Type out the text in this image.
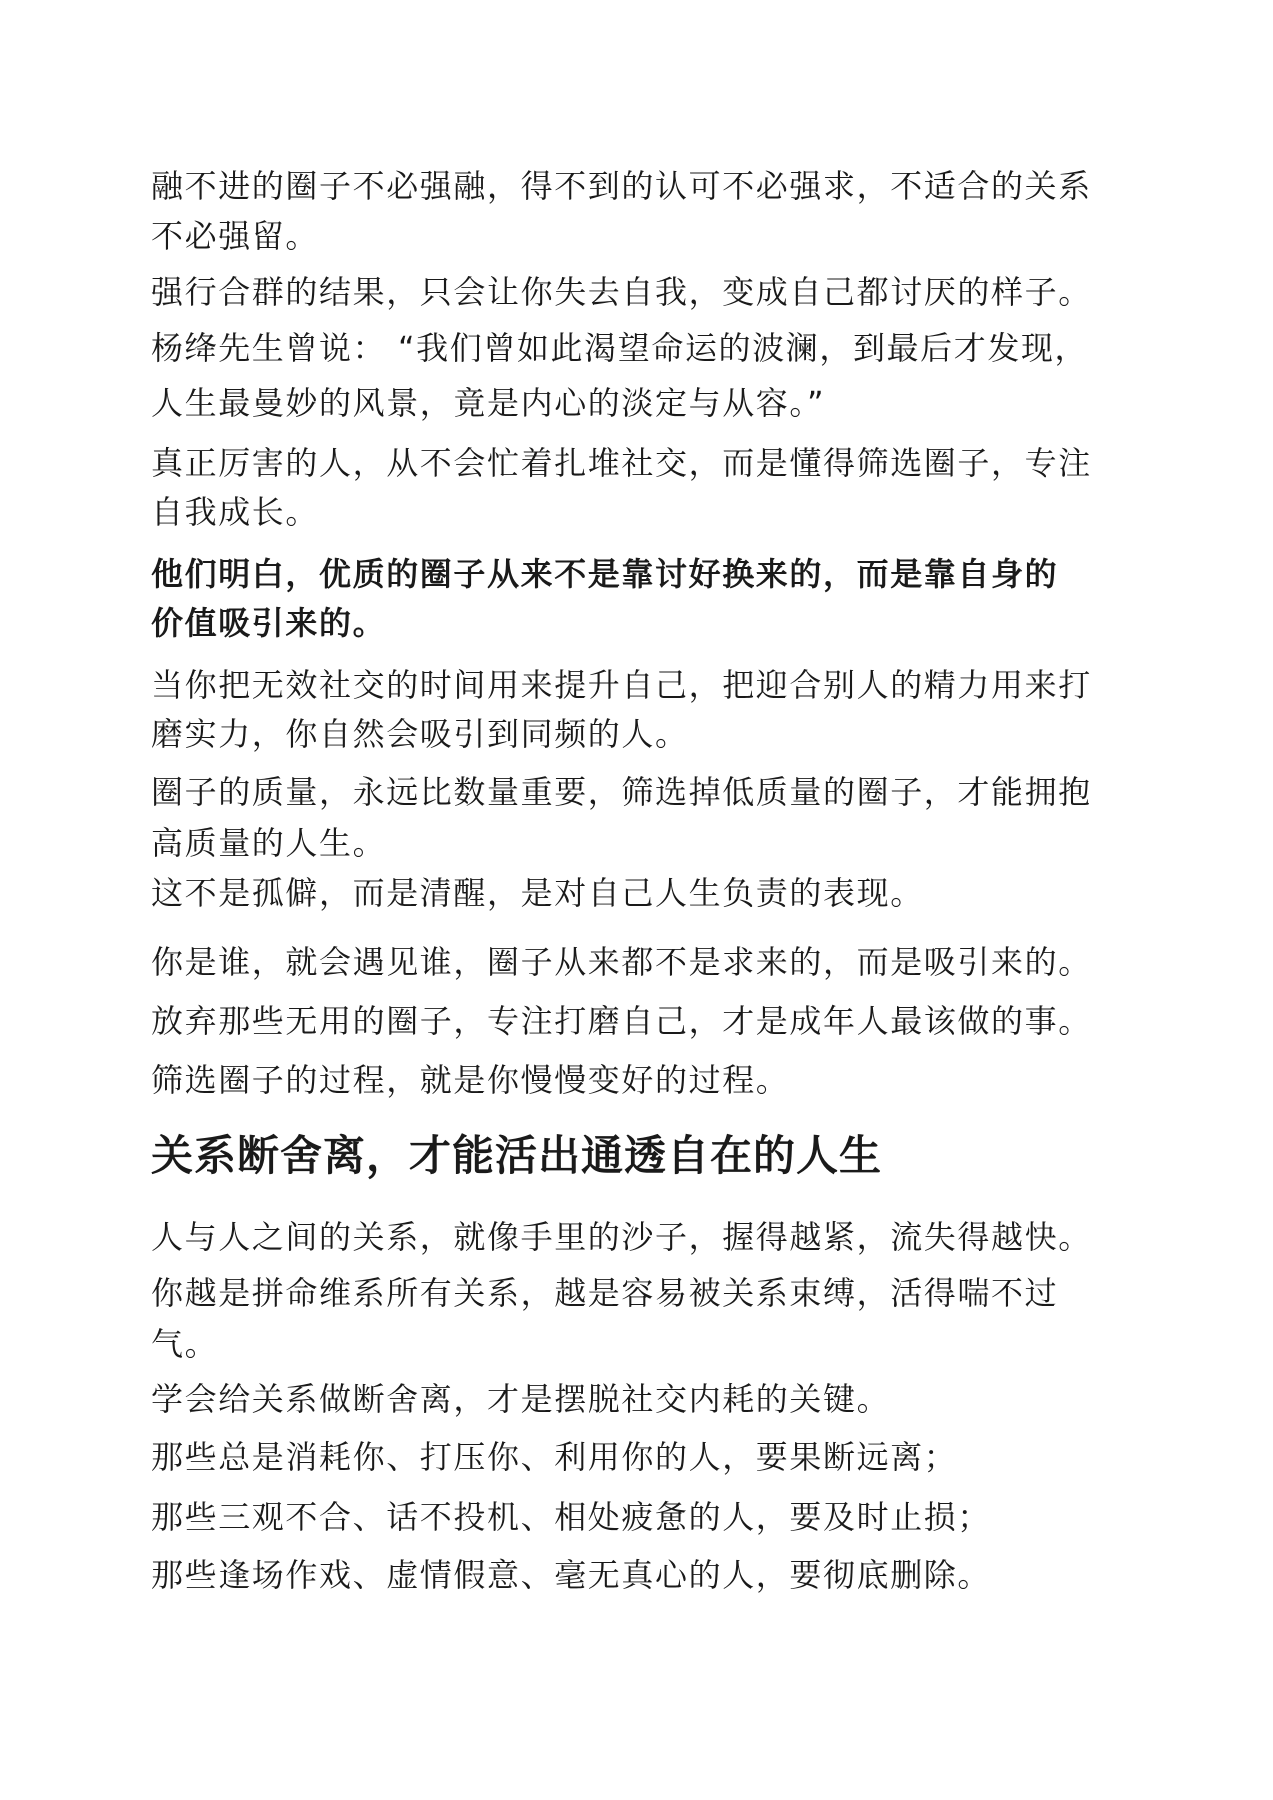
融不进的圈子不必强融，得不到的认可不必强求，不适合的关系
不必强留。
强行合群的结果，只会让你失去自我，变成自己都讨厌的样子。
杨绛先生曾说： “我们曾如此渴望命运的波澜，到最后才发现，
人生最曼妙的风景，竟是内心的淡定与从容。”
真正厉害的人，从不会忙着扎堆社交，而是懂得筛选圈子，专注
自我成长。
他们明白，优质的圈子从来不是靠讨好换来的，而是靠自身的
价值吸引来的。
当你把无效社交的时间用来提升自己，把迎合别人的精力用来打
磨实力，你自然会吸引到同频的人。
圈子的质量，永远比数量重要，筛选掉低质量的圈子，才能拥抱
高质量的人生。
这不是孤僻，而是清醒，是对自己人生负责的表现。
你是谁，就会遇见谁，圈子从来都不是求来的，而是吸引来的。
放弃那些无用的圈子，专注打磨自己，才是成年人最该做的事。
筛选圈子的过程，就是你慢慢变好的过程。
关系断舍离，才能活出通透自在的人生
人与人之间的关系，就像手里的沙子，握得越紧，流失得越快。
你越是拼命维系所有关系，越是容易被关系束缚，活得喘不过
气。
学会给关系做断舍离，才是摆脱社交内耗的关键。
那些总是消耗你、打压你、利用你的人，要果断远离；
那些三观不合、话不投机、相处疲惫的人，要及时止损；
那些逢场作戏、虚情假意、毫无真心的人，要彻底删除。
